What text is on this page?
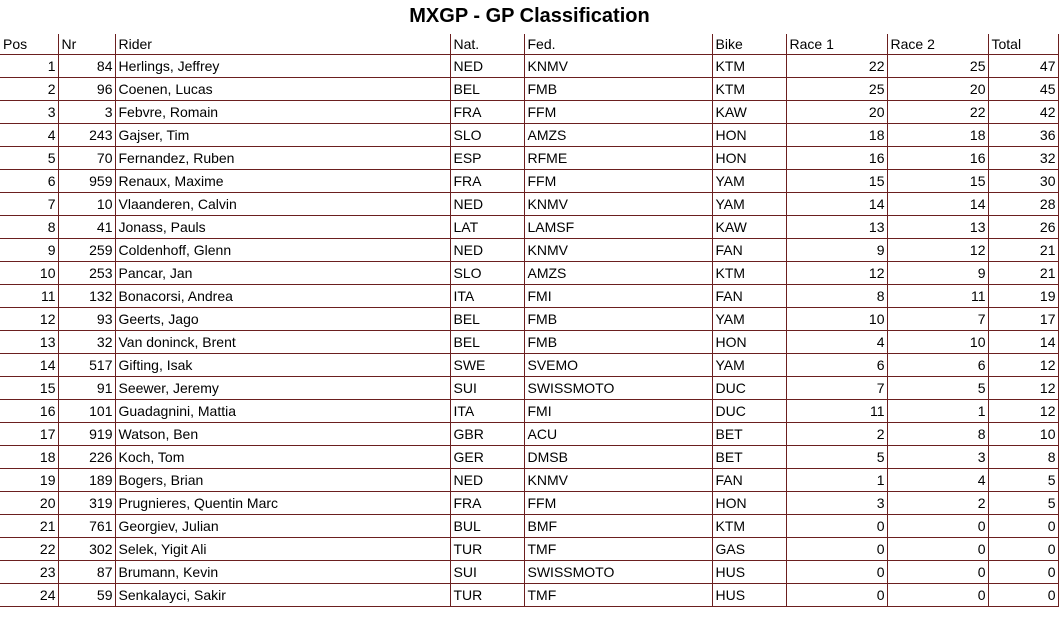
MXGP - GP Classification
Pos	Nr	Rider	Nat.	Fed.	Bike	Race 1	Race 2	Total
1	84	Herlings, Jeffrey	NED	KNMV	KTM	22	25	47
2	96	Coenen, Lucas	BEL	FMB	KTM	25	20	45
3	3	Febvre, Romain	FRA	FFM	KAW	20	22	42
4	243	Gajser, Tim	SLO	AMZS	HON	18	18	36
5	70	Fernandez, Ruben	ESP	RFME	HON	16	16	32
6	959	Renaux, Maxime	FRA	FFM	YAM	15	15	30
7	10	Vlaanderen, Calvin	NED	KNMV	YAM	14	14	28
8	41	Jonass, Pauls	LAT	LAMSF	KAW	13	13	26
9	259	Coldenhoff, Glenn	NED	KNMV	FAN	9	12	21
10	253	Pancar, Jan	SLO	AMZS	KTM	12	9	21
11	132	Bonacorsi, Andrea	ITA	FMI	FAN	8	11	19
12	93	Geerts, Jago	BEL	FMB	YAM	10	7	17
13	32	Van doninck, Brent	BEL	FMB	HON	4	10	14
14	517	Gifting, Isak	SWE	SVEMO	YAM	6	6	12
15	91	Seewer, Jeremy	SUI	SWISSMOTO	DUC	7	5	12
16	101	Guadagnini, Mattia	ITA	FMI	DUC	11	1	12
17	919	Watson, Ben	GBR	ACU	BET	2	8	10
18	226	Koch, Tom	GER	DMSB	BET	5	3	8
19	189	Bogers, Brian	NED	KNMV	FAN	1	4	5
20	319	Prugnieres, Quentin Marc	FRA	FFM	HON	3	2	5
21	761	Georgiev, Julian	BUL	BMF	KTM	0	0	0
22	302	Selek, Yigit Ali	TUR	TMF	GAS	0	0	0
23	87	Brumann, Kevin	SUI	SWISSMOTO	HUS	0	0	0
24	59	Senkalayci, Sakir	TUR	TMF	HUS	0	0	0
